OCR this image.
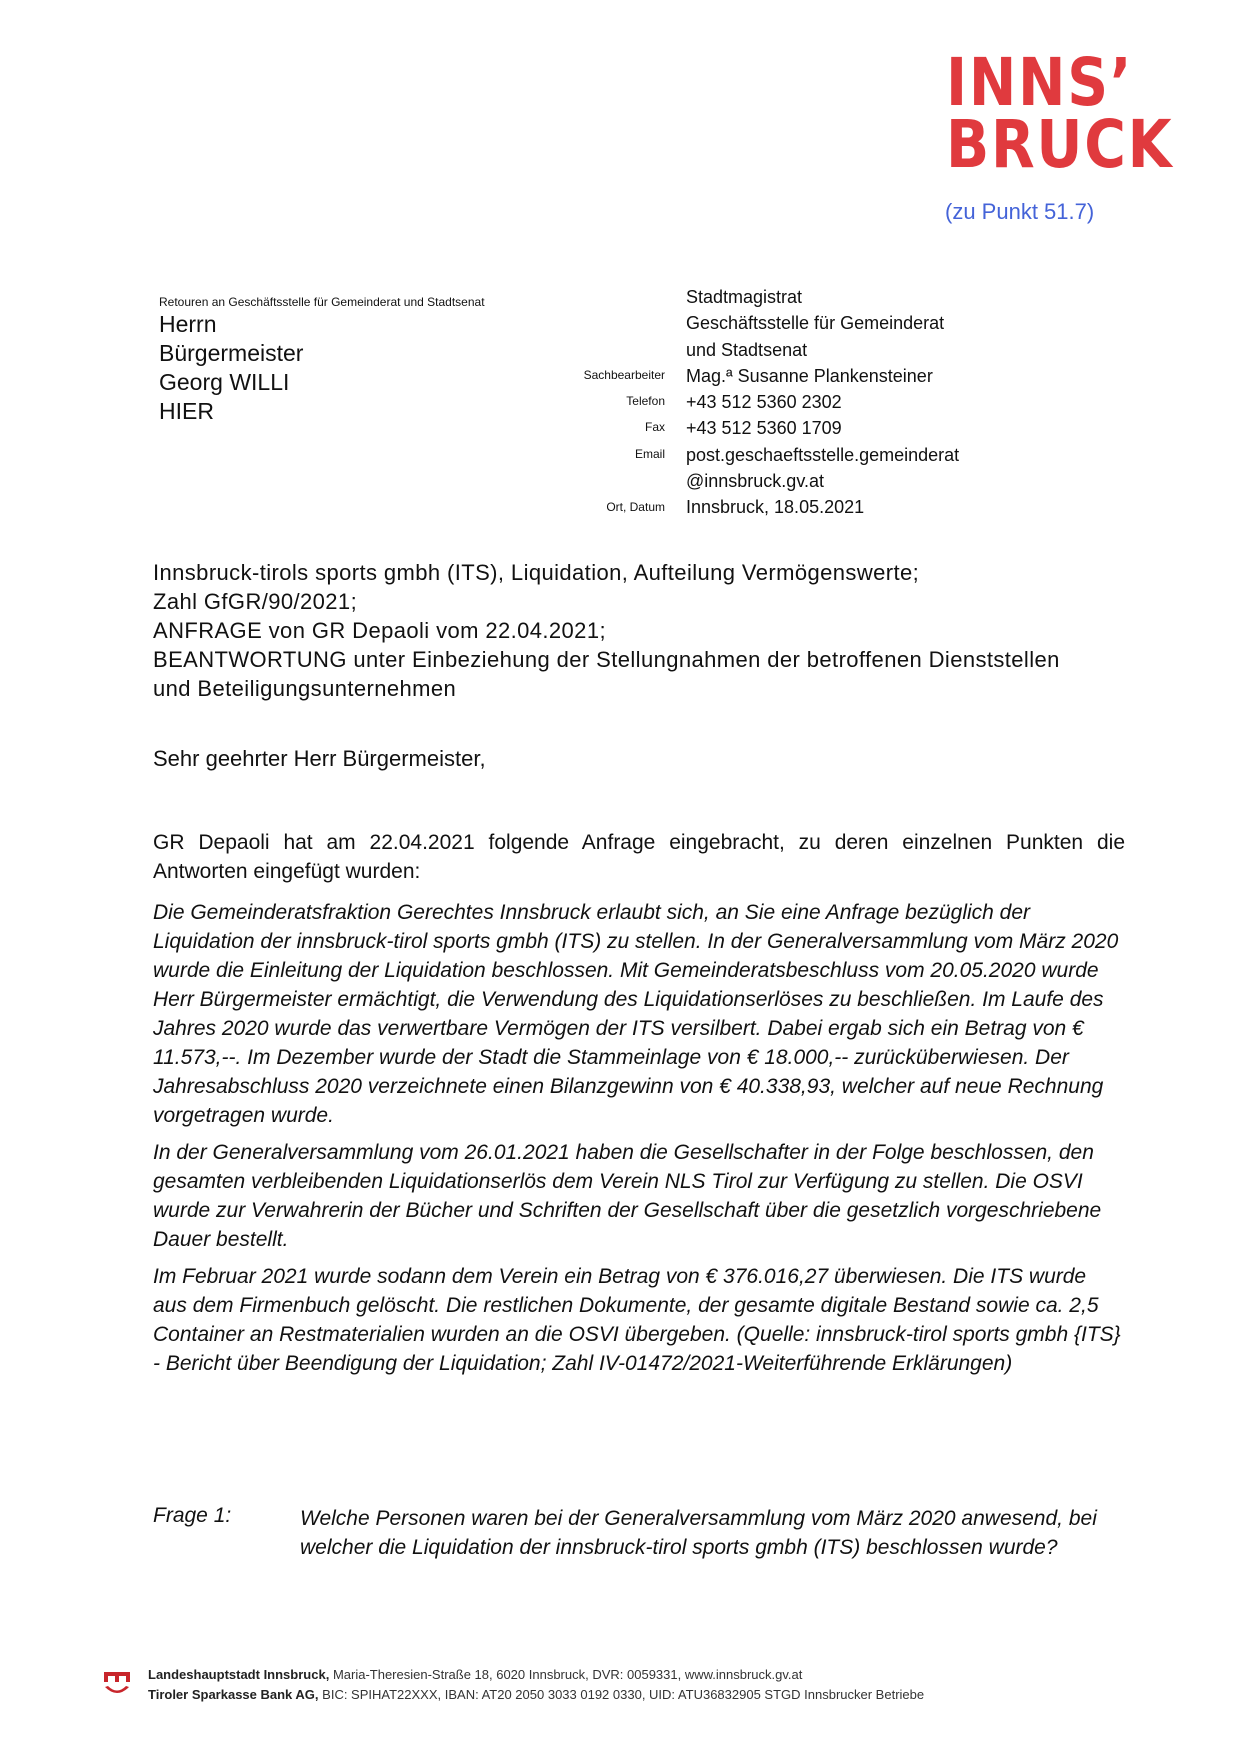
INNS’
BRUCK
(zu Punkt 51.7)
Retouren an Geschäftsstelle für Gemeinderat und Stadtsenat
Herrn
Bürgermeister
Georg WILLI
HIER
Sachbearbeiter
Telefon
Fax
Email
Ort, Datum
Stadtmagistrat
Geschäftsstelle für Gemeinderat
und Stadtsenat
Mag.ª Susanne Plankensteiner
+43 512 5360 2302
+43 512 5360 1709
post.geschaeftsstelle.gemeinderat
@innsbruck.gv.at
Innsbruck, 18.05.2021
Innsbruck-tirols sports gmbh (ITS), Liquidation, Aufteilung Vermögenswerte;
Zahl GfGR/90/2021;
ANFRAGE von GR Depaoli vom 22.04.2021;
BEANTWORTUNG unter Einbeziehung der Stellungnahmen der betroffenen Dienststellen
und Beteiligungsunternehmen
Sehr geehrter Herr Bürgermeister,
GR Depaoli hat am 22.04.2021 folgende Anfrage eingebracht, zu deren einzelnen Punkten die Antworten eingefügt wurden:

Die Gemeinderatsfraktion Gerechtes Innsbruck erlaubt sich, an Sie eine Anfrage bezüglich der Liquidation der innsbruck-tirol sports gmbh (ITS) zu stellen. In der Generalversammlung vom März 2020 wurde die Einleitung der Liquidation beschlossen. Mit Gemeinderatsbeschluss vom 20.05.2020 wurde Herr Bürgermeister ermächtigt, die Verwendung des Liquidationserlöses zu beschließen. Im Laufe des Jahres 2020 wurde das verwertbare Vermögen der ITS versilbert. Dabei ergab sich ein Betrag von € 11.573,--. Im Dezember wurde der Stadt die Stammeinlage von € 18.000,-- zurücküberwiesen. Der Jahresabschluss 2020 verzeichnete einen Bilanzgewinn von € 40.338,93, welcher auf neue Rechnung vorgetragen wurde.

In der Generalversammlung vom 26.01.2021 haben die Gesellschafter in der Folge beschlossen, den gesamten verbleibenden Liquidationserlös dem Verein NLS Tirol zur Verfügung zu stellen. Die OSVI wurde zur Verwahrerin der Bücher und Schriften der Gesellschaft über die gesetzlich vorgeschriebene Dauer bestellt.

Im Februar 2021 wurde sodann dem Verein ein Betrag von € 376.016,27 überwiesen. Die ITS wurde aus dem Firmenbuch gelöscht. Die restlichen Dokumente, der gesamte digitale Bestand sowie ca. 2,5 Container an Restmaterialien wurden an die OSVI übergeben. (Quelle: innsbruck-tirol sports gmbh {ITS} - Bericht über Beendigung der Liquidation; Zahl IV-01472/2021-Weiterführende Erklärungen)

Frage 1:	Welche Personen waren bei der Generalversammlung vom März 2020 anwesend, bei welcher die Liquidation der innsbruck-tirol sports gmbh (ITS) beschlossen wurde?
Landeshauptstadt Innsbruck, Maria-Theresien-Straße 18, 6020 Innsbruck, DVR: 0059331, www.innsbruck.gv.at
Tiroler Sparkasse Bank AG, BIC: SPIHAT22XXX, IBAN: AT20 2050 3033 0192 0330, UID: ATU36832905 STGD Innsbrucker Betriebe
